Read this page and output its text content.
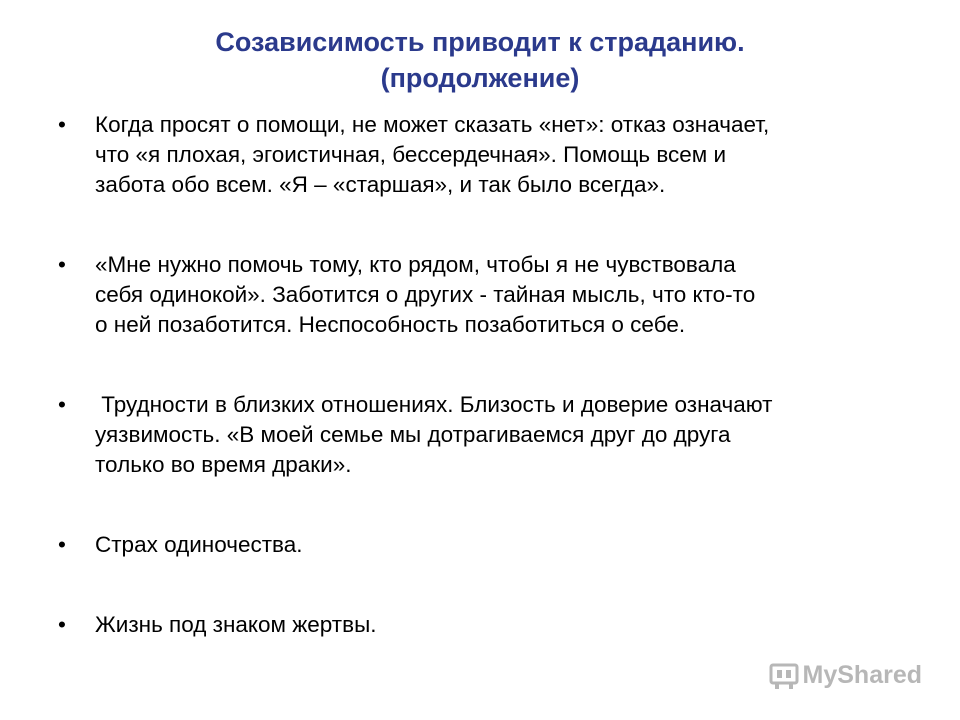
Созависимость приводит к страданию.
(продолжение)
• Когда просят о помощи, не может сказать «нет»: отказ означает,
что «я плохая, эгоистичная, бессердечная». Помощь всем и
забота обо всем. «Я – «старшая», и так было всегда».
• «Мне нужно помочь тому, кто рядом, чтобы я не чувствовала
себя одинокой». Заботится о других - тайная мысль, что кто-то
о ней позаботится. Неспособность позаботиться о себе.
• Трудности в близких отношениях. Близость и доверие означают
уязвимость. «В моей семье мы дотрагиваемся друг до друга
только во время драки».
• Страх одиночества.
• Жизнь под знаком жертвы.
MyShared
